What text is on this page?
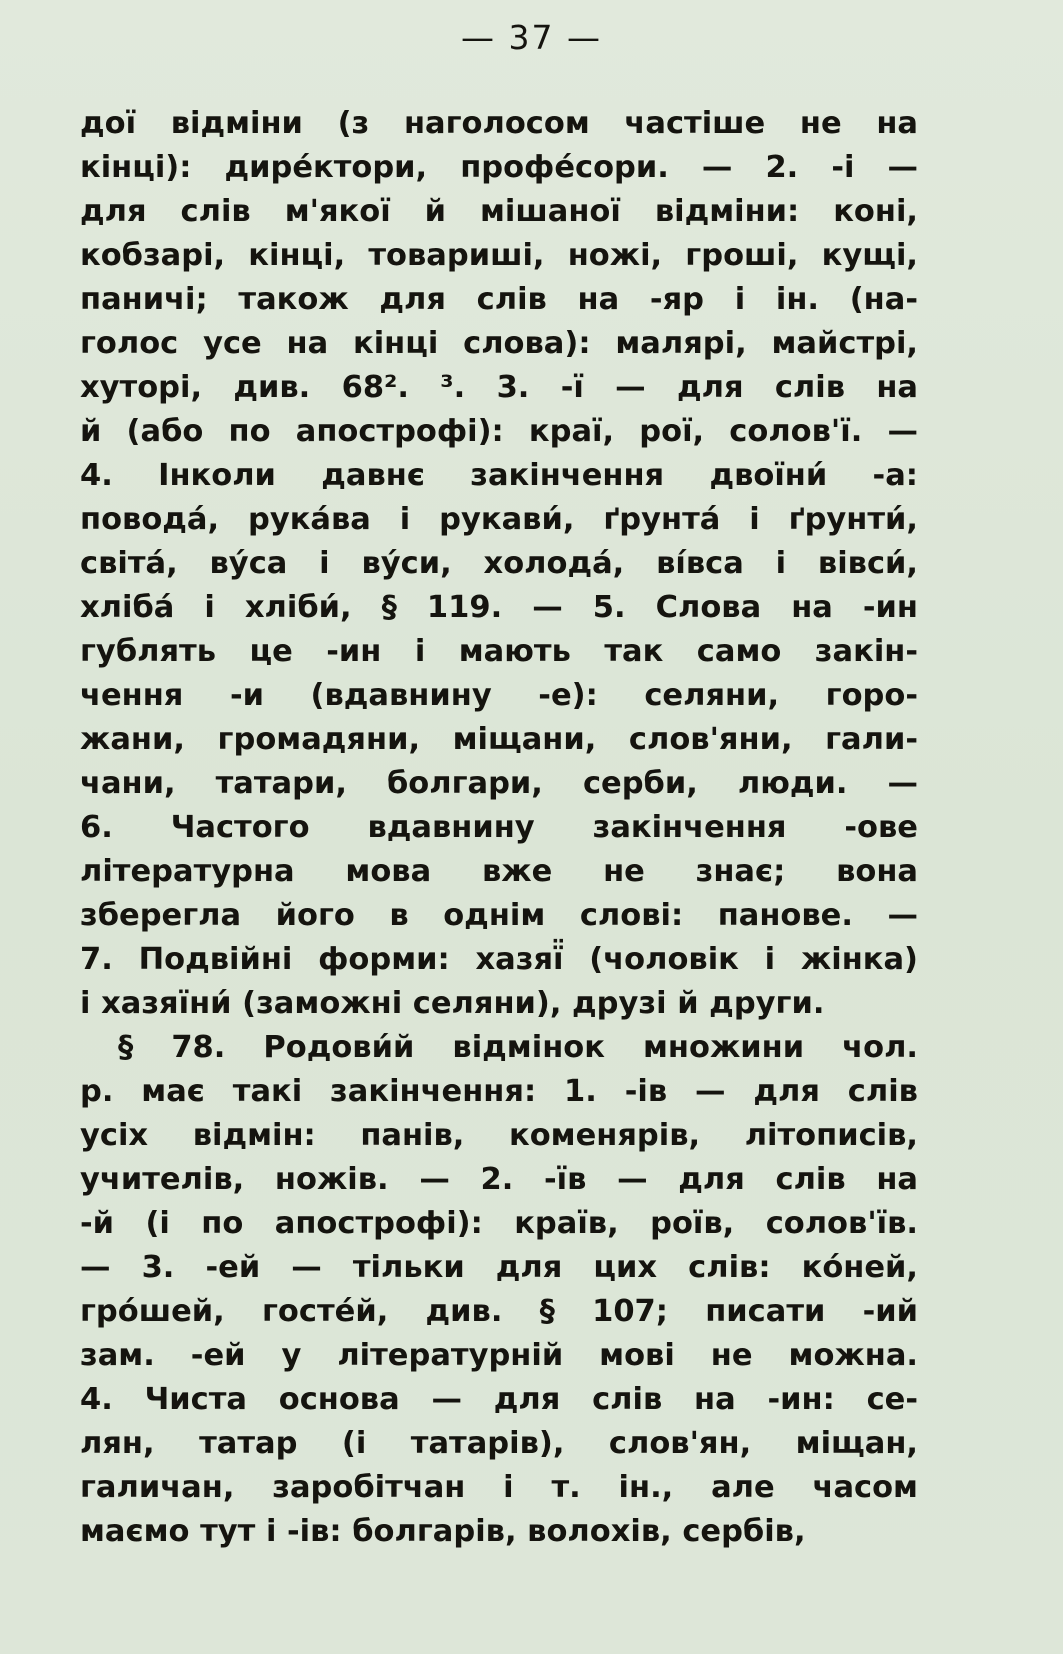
— 37 —
дої відміни (з наголосом частіше не на
кінці): дире́ктори, профе́сори. — 2. -і —
для слів м'якої й мішаної відміни: коні,
кобзарі, кінці, товариші, ножі, гроші, кущі,
паничі; також для слів на -яр і ін. (на-
голос усе на кінці слова): малярі, майстрі,
хуторі, див. 68². ³. 3. -ї — для слів на
й (або по апострофі): краї, рої, солов'ї. —
4. Інколи давнє закінчення двоїни́ -а:
повода́, рука́ва і рукави́, ґрунта́ і ґрунти́,
світа́, ву́са і ву́си, холода́, ві́вса і вівси́,
хліба́ і хліби́, § 119. — 5. Слова на -ин
гублять це -ин і мають так само закін-
чення -и (вдавнину -е): селяни, горо-
жани, громадяни, міщани, слов'яни, гали-
чани, татари, болгари, серби, люди. —
6. Частого вдавнину закінчення -ове
літературна мова вже не знає; вона
зберегла його в однім слові: панове. —
7. Подвійні форми: хазяї̈ (чоловік і жінка)
і хазяїни́ (заможні селяни), друзі й други.
§ 78. Родови́й відмінок множини чол.
р. має такі закінчення: 1. -ів — для слів
усіх відмін: панів, коменярів, літописів,
учителів, ножів. — 2. -їв — для слів на
-й (і по апострофі): країв, роїв, солов'їв.
— 3. -ей — тільки для цих слів: ко́ней,
гро́шей, госте́й, див. § 107; писати -ий
зам. -ей у літературній мові не можна.
4. Чиста основа — для слів на -ин: се-
лян, татар (і татарів), слов'ян, міщан,
галичан, заробітчан і т. ін., але часом
маємо тут і -ів: болгарів, волохів, сербів,
